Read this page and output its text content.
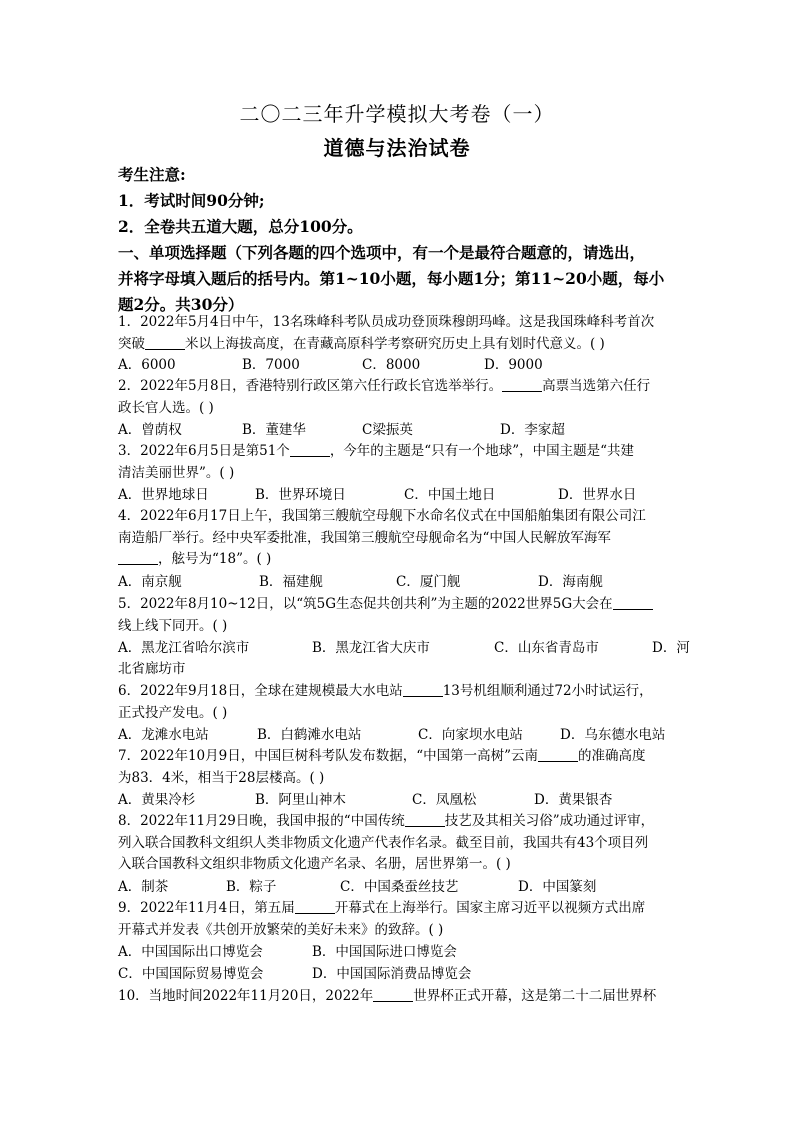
二〇二三年升学模拟大考卷（一）
道德与法治试卷
考生注意:
1．考试时间90分钟;
2．全卷共五道大题，总分100分。
一、单项选择题（下列各题的四个选项中，有一个是最符合题意的，请选出，
并将字母填入题后的括号内。第1~10小题，每小题1分；第11~20小题，每小
题2分。共30分）
1．2022年5月4日中午，13名珠峰科考队员成功登顶珠穆朗玛峰。这是我国珠峰科考首次
突破	米以上海拔高度，在青藏高原科学考察研究历史上具有划时代意义。( )
A．6000	B．7000	C．8000	D．9000
2．2022年5月8日，香港特别行政区第六任行政长官选举举行。	高票当选第六任行
政长官人选。( )
A．曾荫权	B．董建华	C梁振英	D．李家超
3．2022年6月5日是第51个	，今年的主题是“只有一个地球”，中国主题是“共建
清洁美丽世界”。( )
A．世界地球日	B．世界环境日	C．中国土地日	D．世界水日
4．2022年6月17日上午，我国第三艘航空母舰下水命名仪式在中国船舶集团有限公司江
南造船厂举行。经中央军委批准，我国第三艘航空母舰命名为“中国人民解放军海军
，舷号为“18”。( )
A．南京舰	B．福建舰	C．厦门舰	D．海南舰
5．2022年8月10~12日，以“筑5G生态促共创共利”为主题的2022世界5G大会在
线上线下同开。( )
A．黑龙江省哈尔滨市	B．黑龙江省大庆市	C．山东省青岛市	D．河
北省廊坊市
6．2022年9月18日，全球在建规模最大水电站	13号机组顺利通过72小时试运行，
正式投产发电。( )
A．龙滩水电站	B．白鹤滩水电站	C．向家坝水电站	D．乌东德水电站
7．2022年10月9日，中国巨树科考队发布数据，“中国第一高树”云南	的准确高度
为83．4米，相当于28层楼高。( )
A．黄果冷杉	B．阿里山神木	C．凤凰松	D．黄果银杏
8．2022年11月29日晚，我国申报的“中国传统	技艺及其相关习俗”成功通过评审，
列入联合国教科文组织人类非物质文化遗产代表作名录。截至目前，我国共有43个项目列
入联合国教科文组织非物质文化遗产名录、名册，居世界第一。( )
A．制茶	B．粽子	C．中国桑蚕丝技艺	D．中国篆刻
9．2022年11月4日，第五届	开幕式在上海举行。国家主席习近平以视频方式出席
开幕式并发表《共创开放繁荣的美好未来》的致辞。( )
A．中国国际出口博览会	B．中国国际进口博览会
C．中国国际贸易博览会	D．中国国际消费品博览会
10．当地时间2022年11月20日，2022年	世界杯正式开幕，这是第二十二届世界杯
